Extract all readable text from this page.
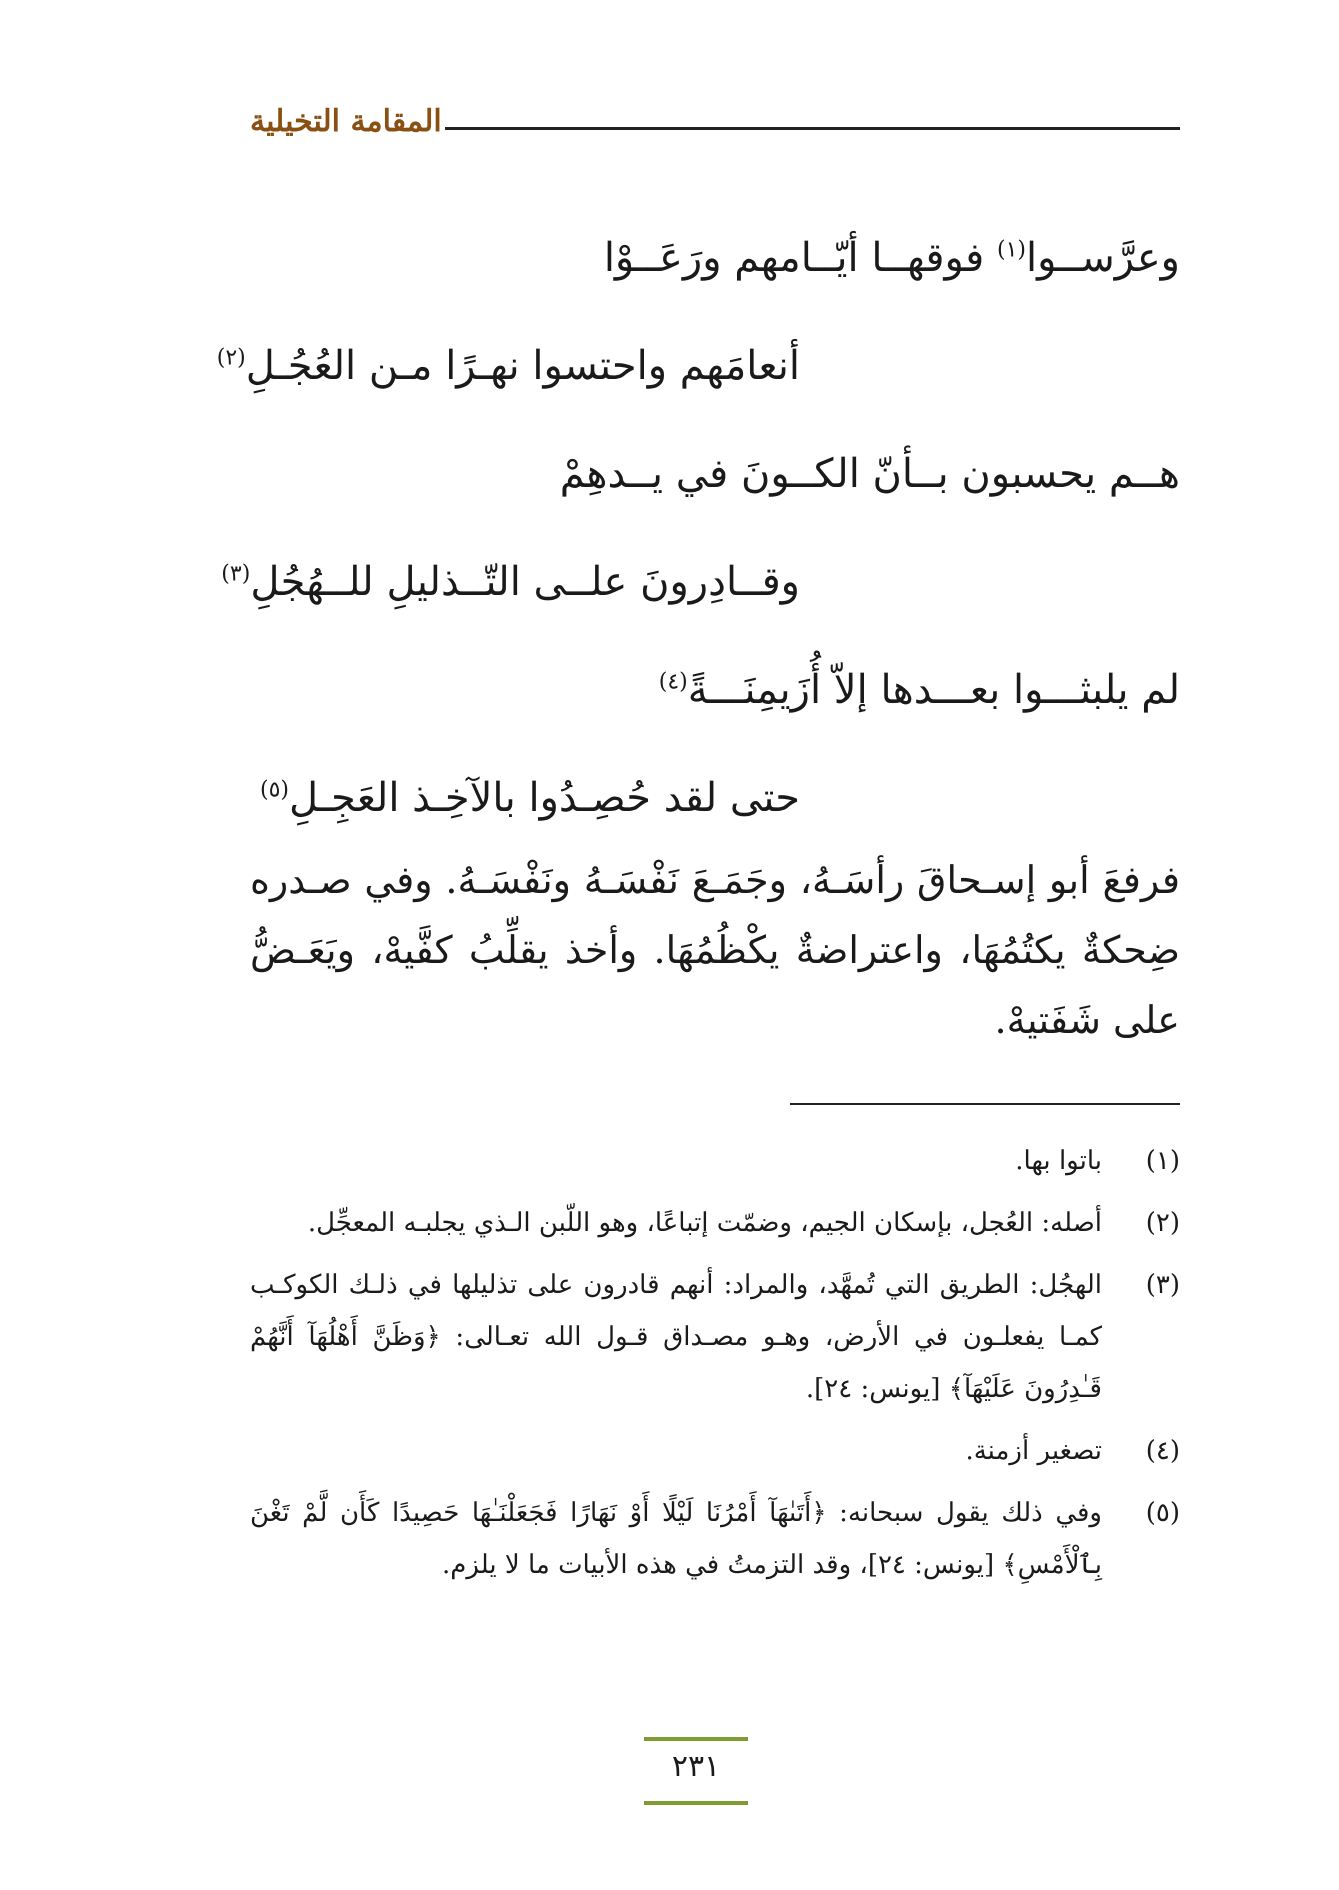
المقامة التخيلية
وعرَّســوا$^{(١)}$ فوقهــا أيّــامهم ورَعَــوْا
أنعامَهم واحتسوا نهـرًا مـن العُجُـلِ$^{(٢)}$
هــم يحسبون بــأنّ الكــونَ في يــدهِمْ
وقــادِرونَ علــى التّــذليلِ للــهُجُلِ$^{(٣)}$
لم يلبثـــوا بعـــدها إلاّ أُزَيمِنَـــةً$^{(٤)}$
حتى لقد حُصِـدُوا بالآخِـذ العَجِـلِ$^{(٥)}$
فرفعَ أبو إسـحاقَ رأسَـهُ، وجَمَـعَ نَفْسَـهُ ونَفْسَـهُ. وفي صـدره ضِحكةٌ يكتُمُهَا، واعتراضةٌ يكْظُمُهَا. وأخذ يقلِّبُ كفَّيهْ، ويَعَـضُّ على شَفَتيهْ.
(١)
باتوا بها.
(٢)
أصله: العُجل، بإسكان الجيم، وضمّت إتباعًا، وهو اللّبن الـذي يجلبـه المعجِّل.
(٣)
الهجُل: الطريق التي تُمهَّد، والمراد: أنهم قادرون على تذليلها في ذلـك الكوكـب كمـا يفعلـون في الأرض، وهـو مصـداق قـول الله تعـالى: ﴿وَظَنَّ أَهْلُهَآ أَنَّهُمْ قَـٰدِرُونَ عَلَيْهَآ﴾ [يونس: ٢٤].
(٤)
تصغير أزمنة.
(٥)
وفي ذلك يقول سبحانه: ﴿أَتَىٰهَآ أَمْرُنَا لَيْلًا أَوْ نَهَارًا فَجَعَلْنَـٰهَا حَصِيدًا كَأَن لَّمْ تَغْنَ بِٱلْأَمْسِ﴾ [يونس: ٢٤]، وقد التزمتُ في هذه الأبيات ما لا يلزم.
٢٣١
